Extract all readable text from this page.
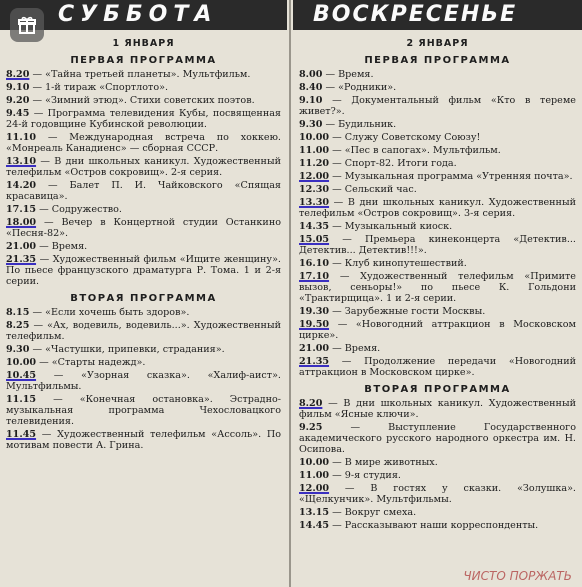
СУББОТА
1 ЯНВАРЯ
ПЕРВАЯ ПРОГРАММА
8.20 — «Тайна третьей планеты». Мультфильм.
9.10 — 1-й тираж «Спортлото».
9.20 — «Зимний этюд». Стихи советских поэтов.
9.45 — Программа телевидения Кубы, посвященная 24-й годовщине Кубинской революции.
11.10 — Международная встреча по хоккею. «Монреаль Канадиенс» — сборная СССР.
13.10 — В дни школьных каникул. Художественный телефильм «Остров сокровищ». 2-я серия.
14.20 — Балет П. И. Чайковского «Спящая красавица».
17.15 — Содружество.
18.00 — Вечер в Концертной студии Останкино «Песня-82».
21.00 — Время.
21.35 — Художественный фильм «Ищите женщину». По пьесе французского драматурга Р. Тома. 1 и 2-я серии.
ВТОРАЯ ПРОГРАММА
8.15 — «Если хочешь быть здоров».
8.25 — «Ах, водевиль, водевиль...». Художественный телефильм.
9.30 — «Частушки, припевки, страдания».
10.00 — «Старты надежд».
10.45 — «Узорная сказка». «Халиф-аист». Мультфильмы.
11.15 — «Конечная остановка». Эстрадно-музыкальная программа Чехословацкого телевидения.
11.45 — Художественный телефильм «Ассоль». По мотивам повести А. Грина.
ВОСКРЕСЕНЬЕ
2 ЯНВАРЯ
ПЕРВАЯ ПРОГРАММА
8.00 — Время.
8.40 — «Родники».
9.10 — Документальный фильм «Кто в тереме живет?».
9.30 — Будильник.
10.00 — Служу Советскому Союзу!
11.00 — «Пес в сапогах». Мультфильм.
11.20 — Спорт-82. Итоги года.
12.00 — Музыкальная программа «Утренняя почта».
12.30 — Сельский час.
13.30 — В дни школьных каникул. Художественный телефильм «Остров сокровищ». 3-я серия.
14.35 — Музыкальный киоск.
15.05 — Премьера кинеконцерта «Детектив... Детектив... Детектив!!!».
16.10 — Клуб кинопутешествий.
17.10 — Художественный телефильм «Примите вызов, сеньоры!» по пьесе К. Гольдони «Трактирщица». 1 и 2-я серии.
19.30 — Зарубежные гости Москвы.
19.50 — «Новогодний аттракцион в Московском цирке».
21.00 — Время.
21.35 — Продолжение передачи «Новогодний аттракцион в Московском цирке».
ВТОРАЯ ПРОГРАММА
8.20 — В дни школьных каникул. Художественный фильм «Ясные ключи».
9.25	— Выступление Государственного академического русского народного оркестра им. Н. Осипова.
10.00 — В мире животных.
11.00 — 9-я студия.
12.00 — В гостях у сказки. «Золушка». «Щелкунчик». Мультфильмы.
13.15 — Вокруг смеха.
14.45 — Рассказывают наши корреспонденты.
ЧИСТО ПОРЖАТЬ
